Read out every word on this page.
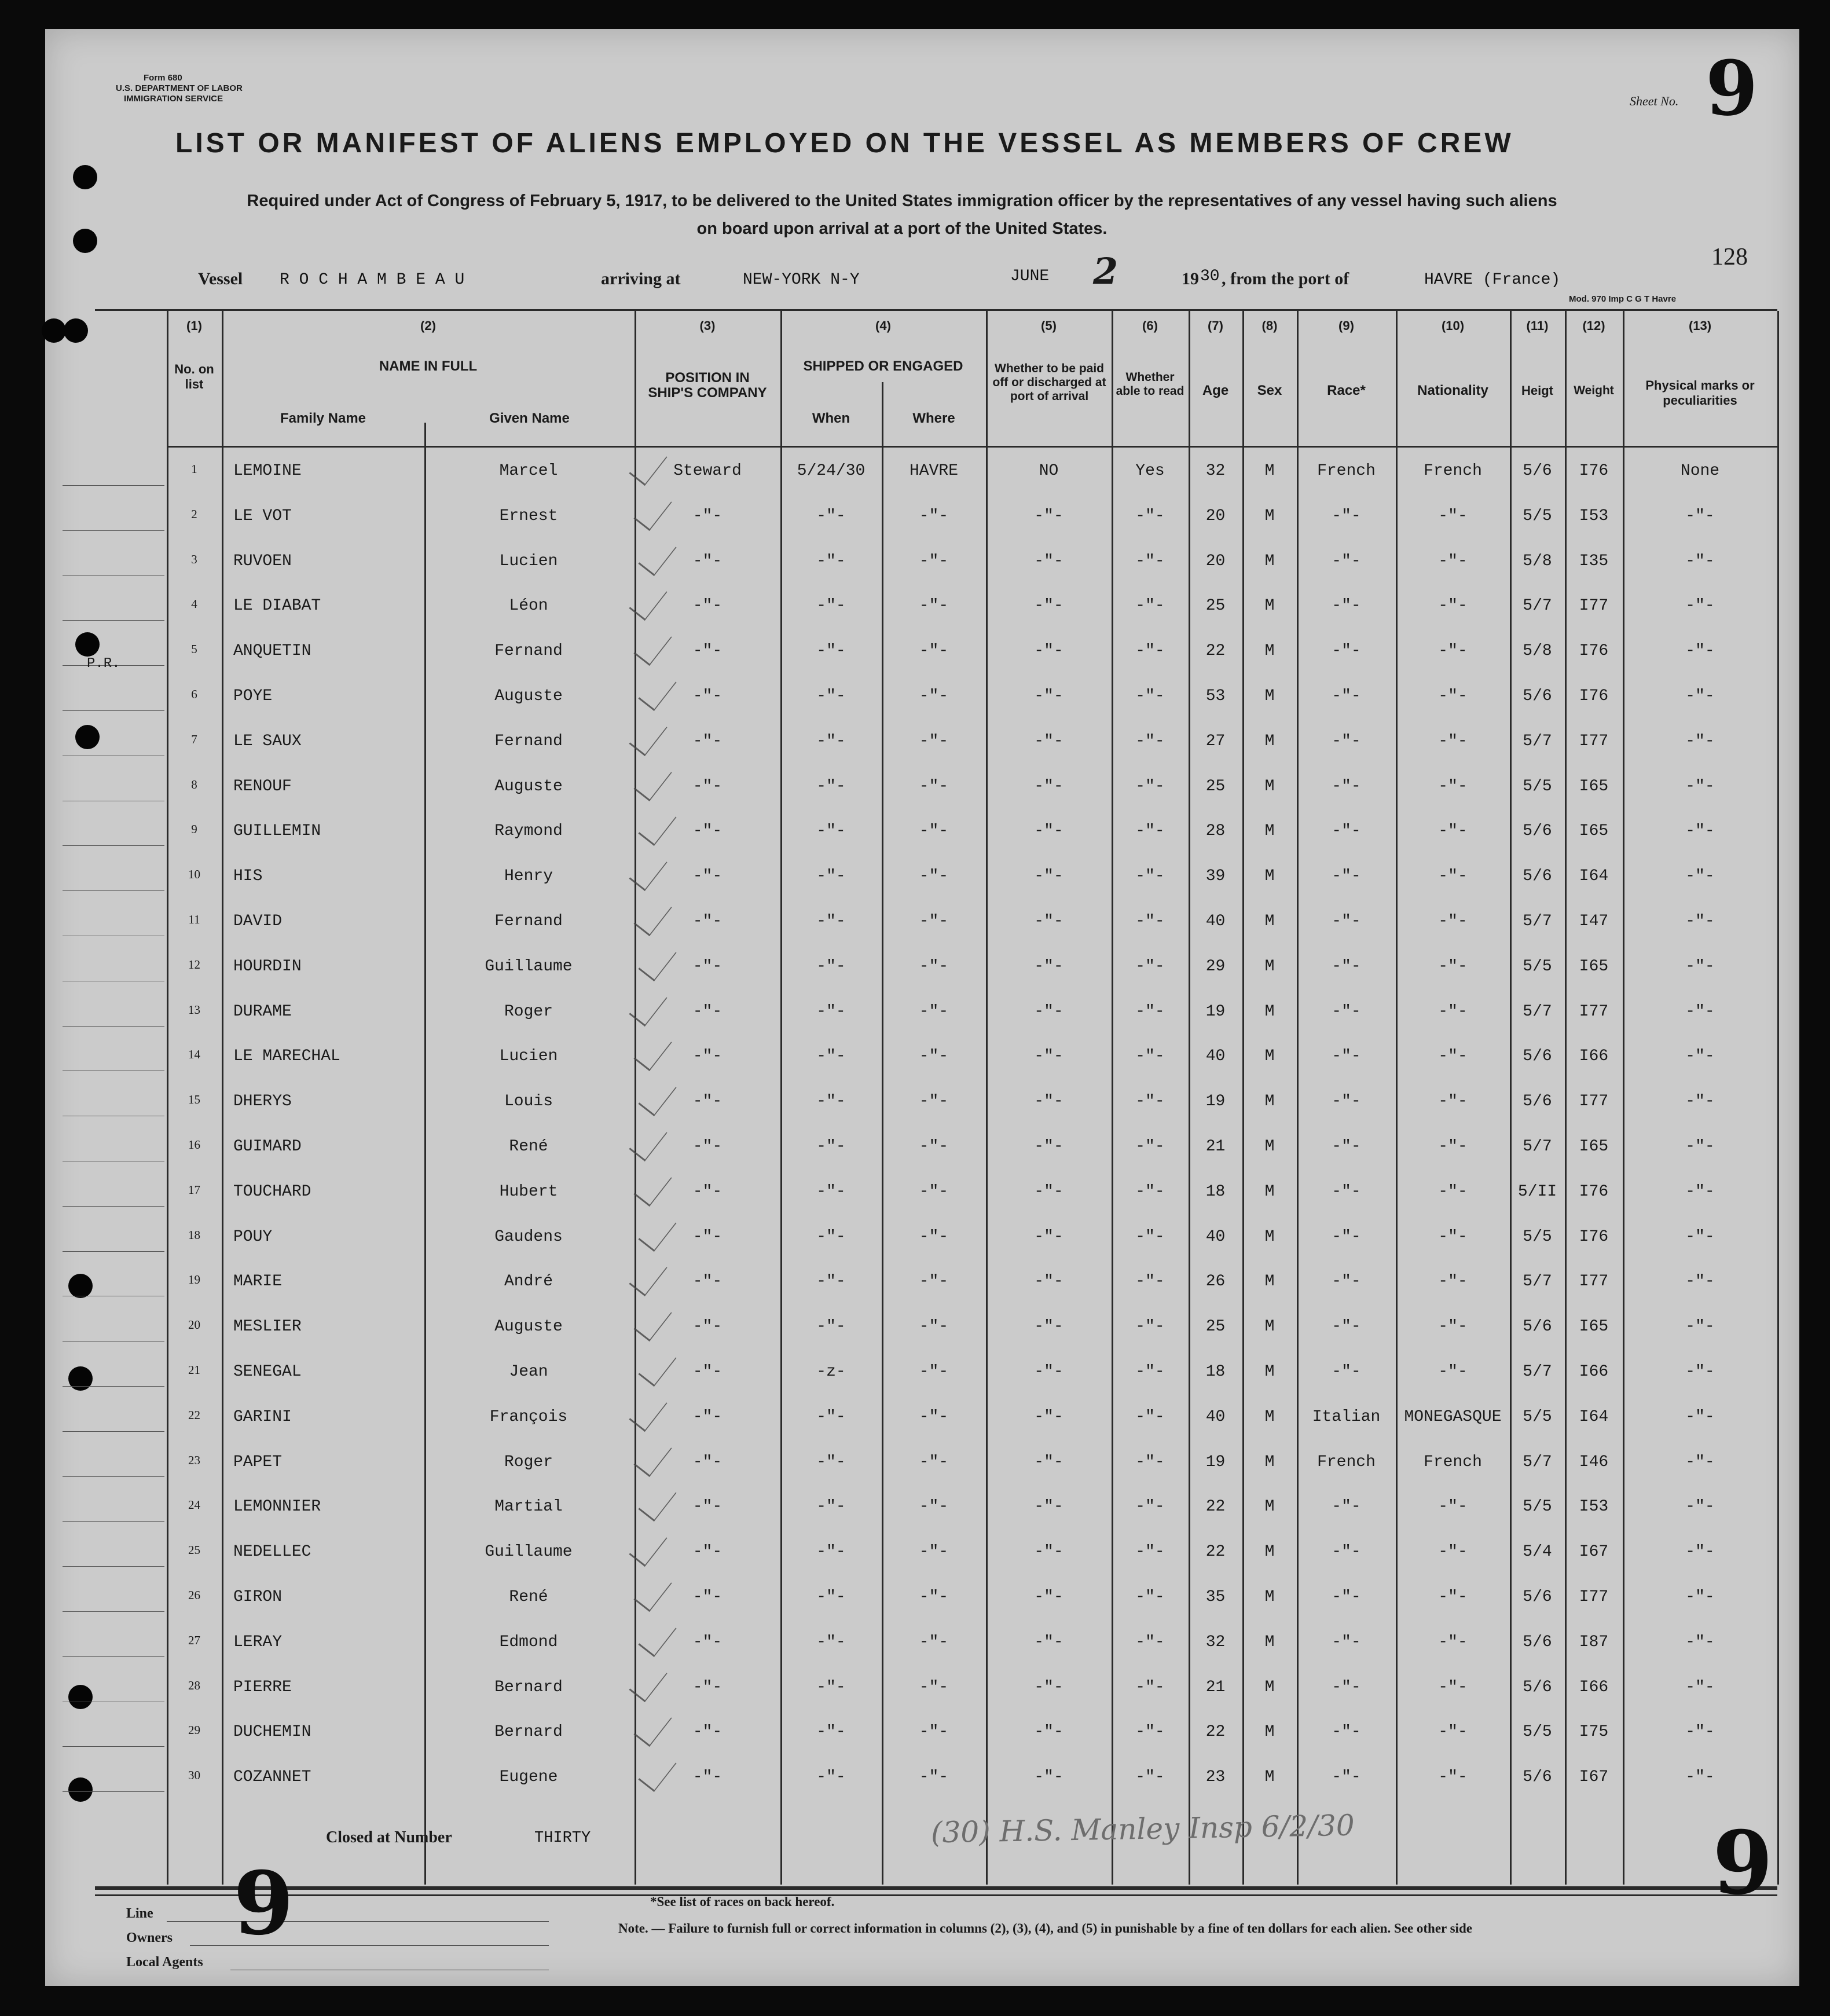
Form 680
U.S. DEPARTMENT OF LABOR
IMMIGRATION SERVICE	Sheet No. 9
LIST OR MANIFEST OF ALIENS EMPLOYED ON THE VESSEL AS MEMBERS OF CREW
Required under Act of Congress of February 5, 1917, to be delivered to the United States immigration officer by the representatives of any vessel having such aliens
on board upon arrival at a port of the United States.
128
Vessel R O C H A M B E A U	arriving at	NEW-YORK N-Y	JUNE 2	19 30 , from the port of	HAVRE (France)
Mod. 970 Imp C G T Havre
(1)
No. on list
(2)
NAME IN FULL
Family Name	Given Name
(3)
POSITION IN SHIP'S COMPANY
(4)
SHIPPED OR ENGAGED
When	Where
(5)
Whether to be paid off or discharged at port of arrival
(6)
Whether able to read
(7)
Age
(8)
Sex
(9)
Race*
(10)
Nationality
(11)
Heigt
(12)
Weight
(13)
Physical marks or peculiarities
1	LEMOINE	Marcel	Steward	5/24/30	HAVRE	NO	Yes	32	M	French	French	5/6	I76	None
2	LE VOT	Ernest	-"-	-"-	-"-	-"-	-"-	20	M	-"-	-"-	5/5	I53	-"-
3	RUVOEN	Lucien	-"-	-"-	-"-	-"-	-"-	20	M	-"-	-"-	5/8	I35	-"-
4	LE DIABAT	Léon	-"-	-"-	-"-	-"-	-"-	25	M	-"-	-"-	5/7	I77	-"-
5	ANQUETIN	Fernand	-"-	-"-	-"-	-"-	-"-	22	M	-"-	-"-	5/8	I76	-"-
6	POYE	Auguste	-"-	-"-	-"-	-"-	-"-	53	M	-"-	-"-	5/6	I76	-"-
7	LE SAUX	Fernand	-"-	-"-	-"-	-"-	-"-	27	M	-"-	-"-	5/7	I77	-"-
8	RENOUF	Auguste	-"-	-"-	-"-	-"-	-"-	25	M	-"-	-"-	5/5	I65	-"-
9	GUILLEMIN	Raymond	-"-	-"-	-"-	-"-	-"-	28	M	-"-	-"-	5/6	I65	-"-
10	HIS	Henry	-"-	-"-	-"-	-"-	-"-	39	M	-"-	-"-	5/6	I64	-"-
11	DAVID	Fernand	-"-	-"-	-"-	-"-	-"-	40	M	-"-	-"-	5/7	I47	-"-
12	HOURDIN	Guillaume	-"-	-"-	-"-	-"-	-"-	29	M	-"-	-"-	5/5	I65	-"-
13	DURAME	Roger	-"-	-"-	-"-	-"-	-"-	19	M	-"-	-"-	5/7	I77	-"-
14	LE MARECHAL	Lucien	-"-	-"-	-"-	-"-	-"-	40	M	-"-	-"-	5/6	I66	-"-
15	DHERYS	Louis	-"-	-"-	-"-	-"-	-"-	19	M	-"-	-"-	5/6	I77	-"-
16	GUIMARD	René	-"-	-"-	-"-	-"-	-"-	21	M	-"-	-"-	5/7	I65	-"-
17	TOUCHARD	Hubert	-"-	-"-	-"-	-"-	-"-	18	M	-"-	-"-	5/II	I76	-"-
18	POUY	Gaudens	-"-	-"-	-"-	-"-	-"-	40	M	-"-	-"-	5/5	I76	-"-
19	MARIE	André	-"-	-"-	-"-	-"-	-"-	26	M	-"-	-"-	5/7	I77	-"-
20	MESLIER	Auguste	-"-	-"-	-"-	-"-	-"-	25	M	-"-	-"-	5/6	I65	-"-
21	SENEGAL	Jean	-"-	-z-	-"-	-"-	-"-	18	M	-"-	-"-	5/7	I66	-"-
22	GARINI	François	-"-	-"-	-"-	-"-	-"-	40	M	Italian	MONEGASQUE	5/5	I64	-"-
23	PAPET	Roger	-"-	-"-	-"-	-"-	-"-	19	M	French	French	5/7	I46	-"-
24	LEMONNIER	Martial	-"-	-"-	-"-	-"-	-"-	22	M	-"-	-"-	5/5	I53	-"-
25	NEDELLEC	Guillaume	-"-	-"-	-"-	-"-	-"-	22	M	-"-	-"-	5/4	I67	-"-
26	GIRON	René	-"-	-"-	-"-	-"-	-"-	35	M	-"-	-"-	5/6	I77	-"-
27	LERAY	Edmond	-"-	-"-	-"-	-"-	-"-	32	M	-"-	-"-	5/6	I87	-"-
28	PIERRE	Bernard	-"-	-"-	-"-	-"-	-"-	21	M	-"-	-"-	5/6	I66	-"-
29	DUCHEMIN	Bernard	-"-	-"-	-"-	-"-	-"-	22	M	-"-	-"-	5/5	I75	-"-
30	COZANNET	Eugene	-"-	-"-	-"-	-"-	-"-	23	M	-"-	-"-	5/6	I67	-"-
P.R.
Closed at Number	THIRTY	(30) H.S. Manley Insp 6/2/30
Line
Owners
Local Agents
9	9
*See list of races on back hereof.
Note. — Failure to furnish full or correct information in columns (2), (3), (4), and (5) in punishable by a fine of ten dollars for each alien. See other side
